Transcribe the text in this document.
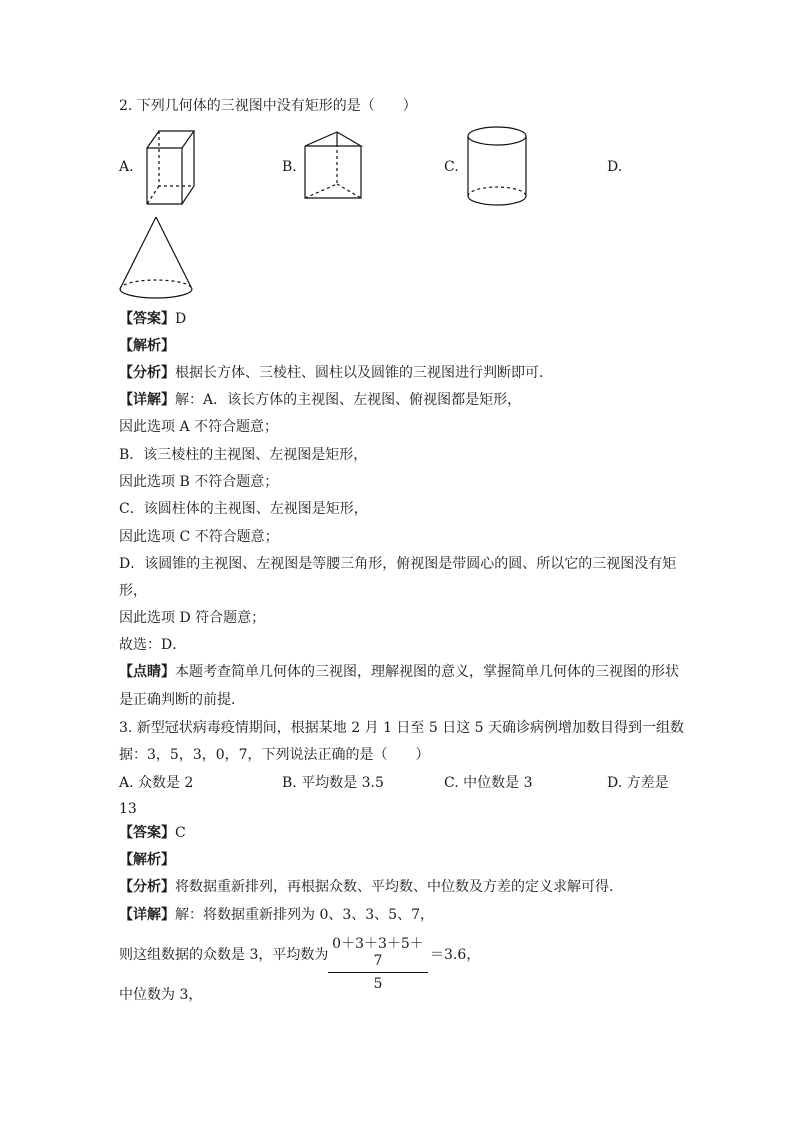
2. 下列几何体的三视图中没有矩形的是（　　）
A.	B.	C.	D.
【答案】D
【解析】
【分析】根据长方体、三棱柱、圆柱以及圆锥的三视图进行判断即可．
【详解】解：A．该长方体的主视图、左视图、俯视图都是矩形，
因此选项 A 不符合题意；
B．该三棱柱的主视图、左视图是矩形，
因此选项 B 不符合题意；
C．该圆柱体的主视图、左视图是矩形，
因此选项 C 不符合题意；
D．该圆锥的主视图、左视图是等腰三角形，俯视图是带圆心的圆、所以它的三视图没有矩
形，
因此选项 D 符合题意；
故选：D．
【点睛】本题考查简单几何体的三视图，理解视图的意义，掌握简单几何体的三视图的形状
是正确判断的前提．
3. 新型冠状病毒疫情期间，根据某地 2 月 1 日至 5 日这 5 天确诊病例增加数目得到一组数
据：3，5，3，0，7，下列说法正确的是（　　）
A. 众数是 2	B. 平均数是 3.5	C. 中位数是 3	D. 方差是
13
【答案】C
【解析】
【分析】将数据重新排列，再根据众数、平均数、中位数及方差的定义求解可得．
【详解】解：将数据重新排列为 0、3、3、5、7，
则这组数据的众数是 3，平均数为
0＋3＋3＋5＋7
5
＝3.6，
中位数为 3，
